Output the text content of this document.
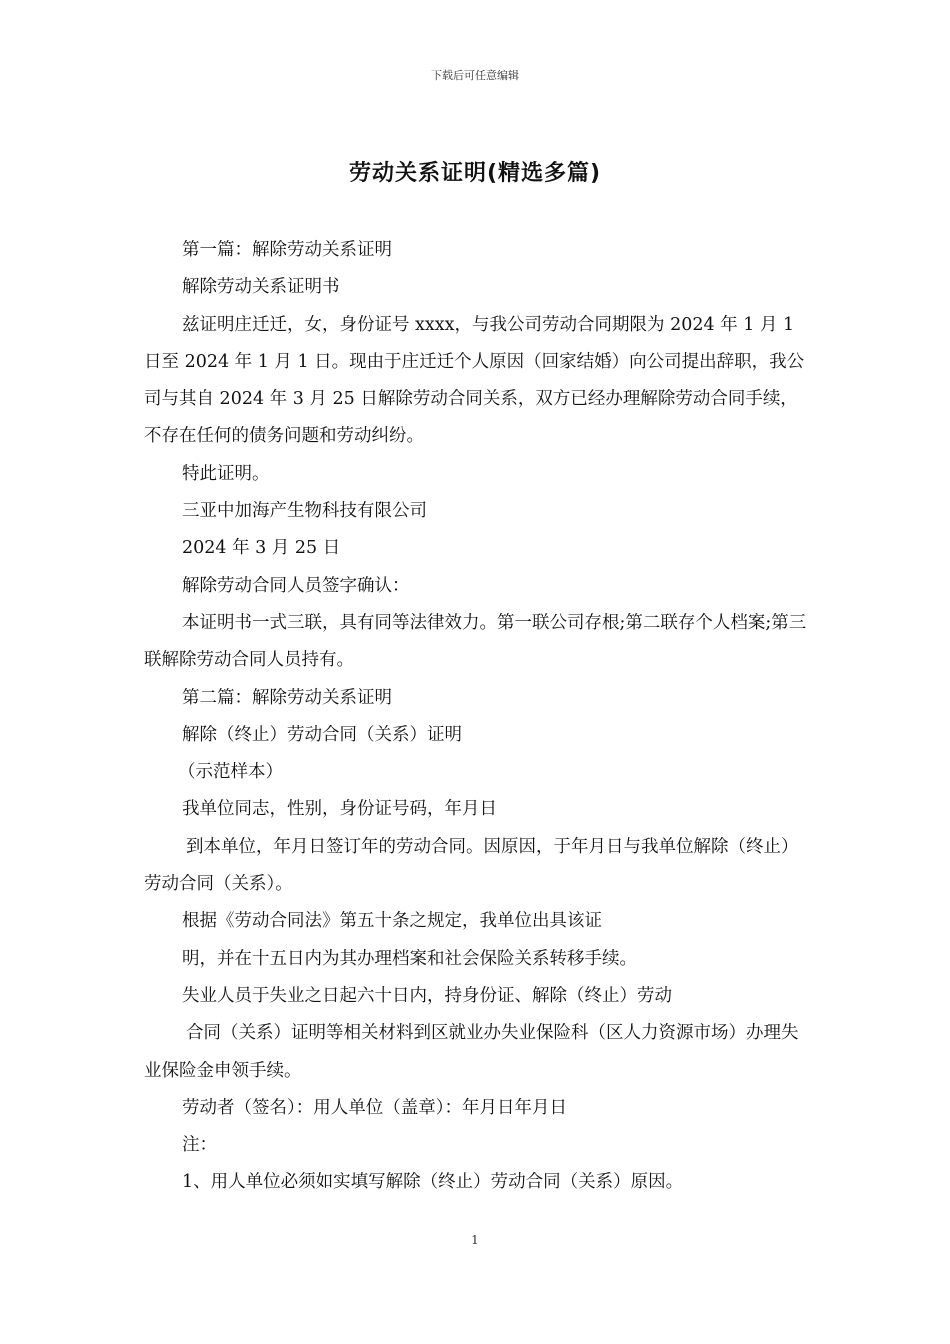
下载后可任意编辑
劳动关系证明(精选多篇)

第一篇：解除劳动关系证明

解除劳动关系证明书

兹证明庄迁迁，女，身份证号 xxxx，与我公司劳动合同期限为 2024 年 1 月 1 日至 2024 年 1 月 1 日。现由于庄迁迁个人原因（回家结婚）向公司提出辞职，我公司与其自 2024 年 3 月 25 日解除劳动合同关系，双方已经办理解除劳动合同手续，不存在任何的债务问题和劳动纠纷。

特此证明。

三亚中加海产生物科技有限公司

2024 年 3 月 25 日

解除劳动合同人员签字确认：

本证明书一式三联，具有同等法律效力。第一联公司存根;第二联存个人档案;第三联解除劳动合同人员持有。

第二篇：解除劳动关系证明

解除（终止）劳动合同（关系）证明

（示范样本）

我单位同志，性别，身份证号码，年月日

到本单位，年月日签订年的劳动合同。因原因，于年月日与我单位解除（终止）劳动合同（关系）。

根据《劳动合同法》第五十条之规定，我单位出具该证

明，并在十五日内为其办理档案和社会保险关系转移手续。

失业人员于失业之日起六十日内，持身份证、解除（终止）劳动

合同（关系）证明等相关材料到区就业办失业保险科（区人力资源市场）办理失业保险金申领手续。

劳动者（签名）：用人单位（盖章）：年月日年月日

注：

1、用人单位必须如实填写解除（终止）劳动合同（关系）原因。

1
